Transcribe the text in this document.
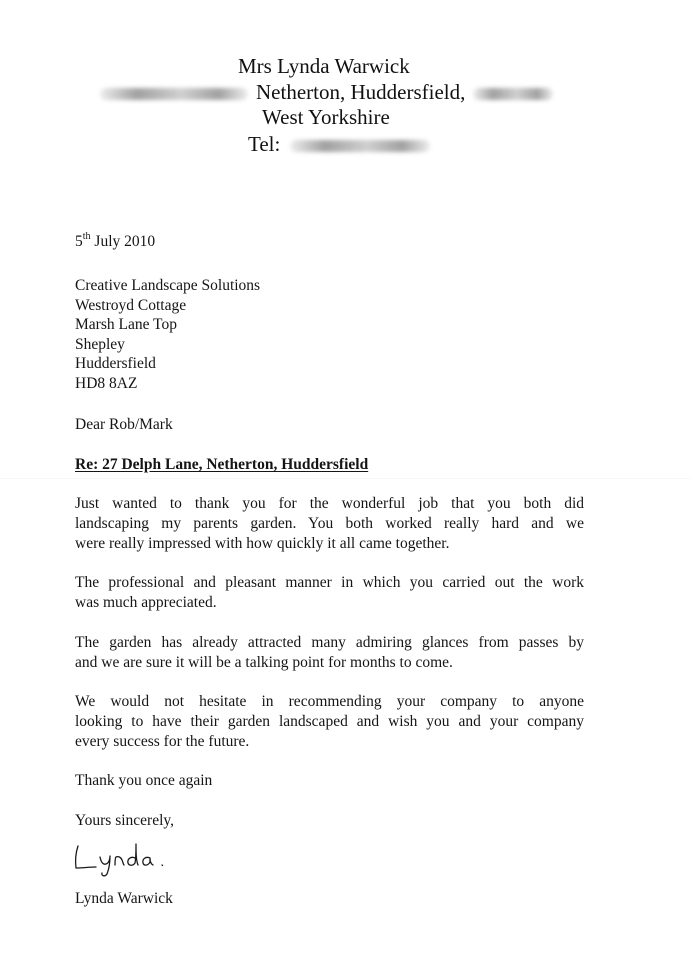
Mrs Lynda Warwick
Netherton, Huddersfield,
West Yorkshire
Tel:
5th July 2010
Creative Landscape Solutions
Westroyd Cottage
Marsh Lane Top
Shepley
Huddersfield
HD8 8AZ
Dear Rob/Mark
Re: 27 Delph Lane, Netherton, Huddersfield
Just wanted to thank you for the wonderful job that you both did
landscaping my parents garden. You both worked really hard and we
were really impressed with how quickly it all came together.
The professional and pleasant manner in which you carried out the work
was much appreciated.
The garden has already attracted many admiring glances from passes by
and we are sure it will be a talking point for months to come.
We would not hesitate in recommending your company to anyone
looking to have their garden landscaped and wish you and your company
every success for the future.
Thank you once again
Yours sincerely,
Lynda Warwick
